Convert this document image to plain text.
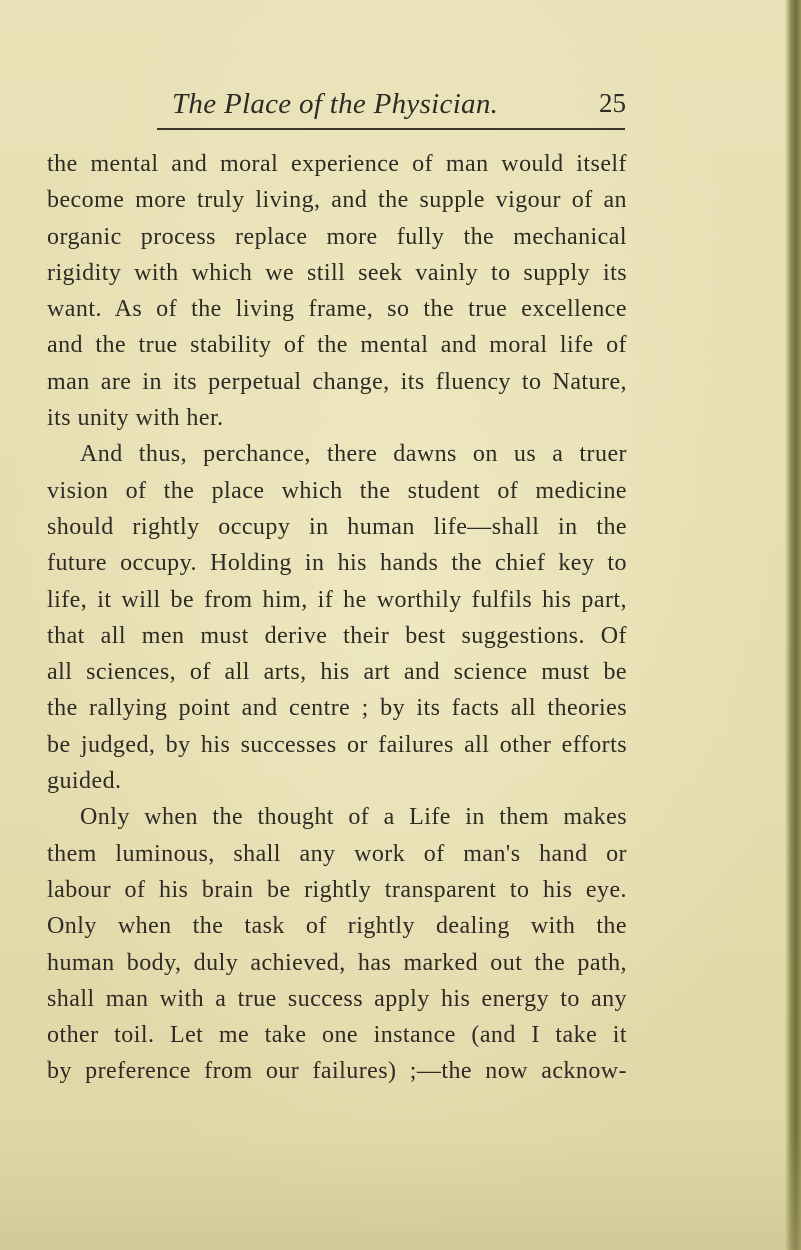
The Place of the Physician.	25
the mental and moral experience of man would itself
become more truly living, and the supple vigour of an
organic process replace more fully the mechanical
rigidity with which we still seek vainly to supply its
want. As of the living frame, so the true excellence
and the true stability of the mental and moral life of
man are in its perpetual change, its fluency to Nature,
its unity with her.
And thus, perchance, there dawns on us a truer
vision of the place which the student of medicine
should rightly occupy in human life—shall in the
future occupy. Holding in his hands the chief key to
life, it will be from him, if he worthily fulfils his part,
that all men must derive their best suggestions. Of
all sciences, of all arts, his art and science must be
the rallying point and centre ; by its facts all theories
be judged, by his successes or failures all other efforts
guided.
Only when the thought of a Life in them makes
them luminous, shall any work of man's hand or
labour of his brain be rightly transparent to his eye.
Only when the task of rightly dealing with the
human body, duly achieved, has marked out the path,
shall man with a true success apply his energy to any
other toil. Let me take one instance (and I take it
by preference from our failures) ;—the now acknow-
